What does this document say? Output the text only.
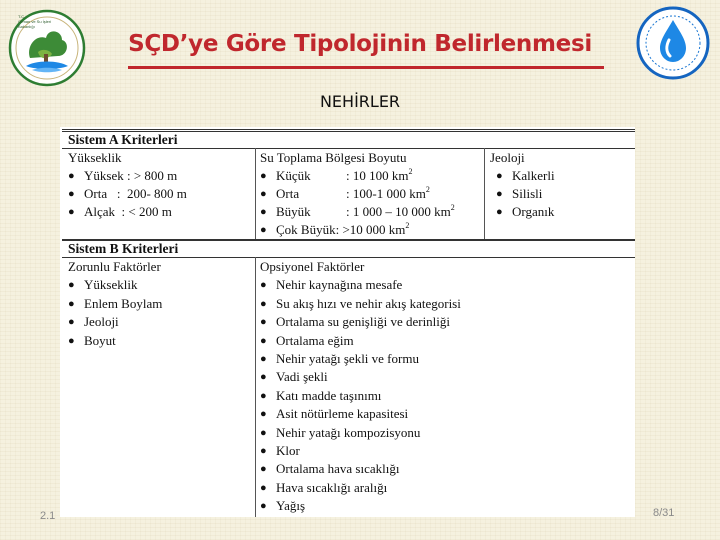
T.C.
Orman ve Su İşleri
Bakanlığı
SÇD’ye Göre Tipolojinin Belirlenmesi
NEHİRLER
Sistem A Kriterleri
Yükseklik
● Yüksek : > 800 m
● Orta   :  200- 800 m
● Alçak  : < 200 m
Su Toplama Bölgesi Boyutu
● Küçük	: 10 100 $km^2$
● Orta	: 100-1 000 $km^2$
● Büyük	: 1 000 – 10 000 $km^2$
● Çok Büyük: >10 000 $km^2$
Jeoloji
● Kalkerli
● Silisli
● Organık
Sistem B Kriterleri
Zorunlu Faktörler
● Yükseklik
● Enlem Boylam
● Jeoloji
● Boyut
Opsiyonel Faktörler
● Nehir kaynağına mesafe
● Su akış hızı ve nehir akış kategorisi
● Ortalama su genişliği ve derinliği
● Ortalama eğim
● Nehir yatağı şekli ve formu
● Vadi şekli
● Katı madde taşınımı
● Asit nötürleme kapasitesi
● Nehir yatağı kompozisyonu
● Klor
● Ortalama hava sıcaklığı
● Hava sıcaklığı aralığı
● Yağış
2.1	8/31
